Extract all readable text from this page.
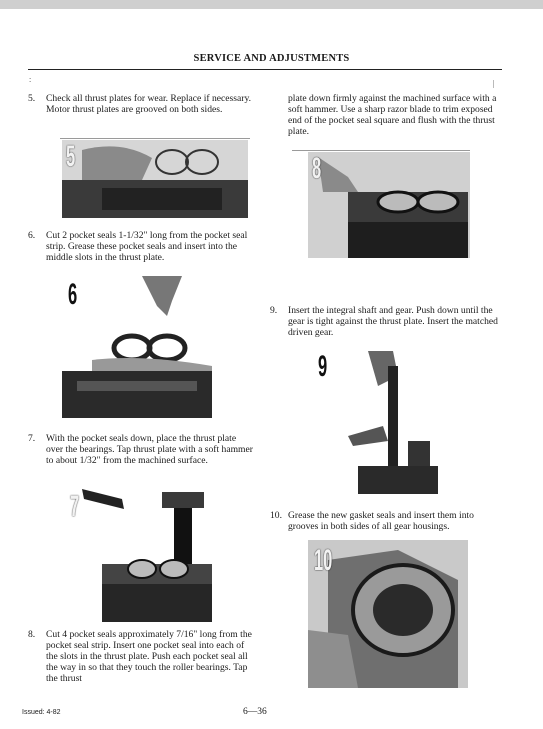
SERVICE AND ADJUSTMENTS
:	|
5. Check all thrust plates for wear. Replace if necessary. Motor thrust plates are grooved on both sides.
5
6. Cut 2 pocket seals 1-1/32" long from the pocket seal strip. Grease these pocket seals and insert into the middle slots in the thrust plate.
6
7. With the pocket seals down, place the thrust plate over the bearings. Tap thrust plate with a soft hammer to about 1/32" from the machined surface.
7
8. Cut 4 pocket seals approximately 7/16" long from the pocket seal strip. Insert one pocket seal into each of the slots in the thrust plate. Push each pocket seal all the way in so that they touch the roller bearings. Tap the thrust
plate down firmly against the machined surface with a soft hammer. Use a sharp razor blade to trim exposed end of the pocket seal square and flush with the thrust plate.
8
9. Insert the integral shaft and gear. Push down until the gear is tight against the thrust plate. Insert the matched driven gear.
9
10. Grease the new gasket seals and insert them into grooves in both sides of all gear housings.
10
Issued: 4-82	6—36
